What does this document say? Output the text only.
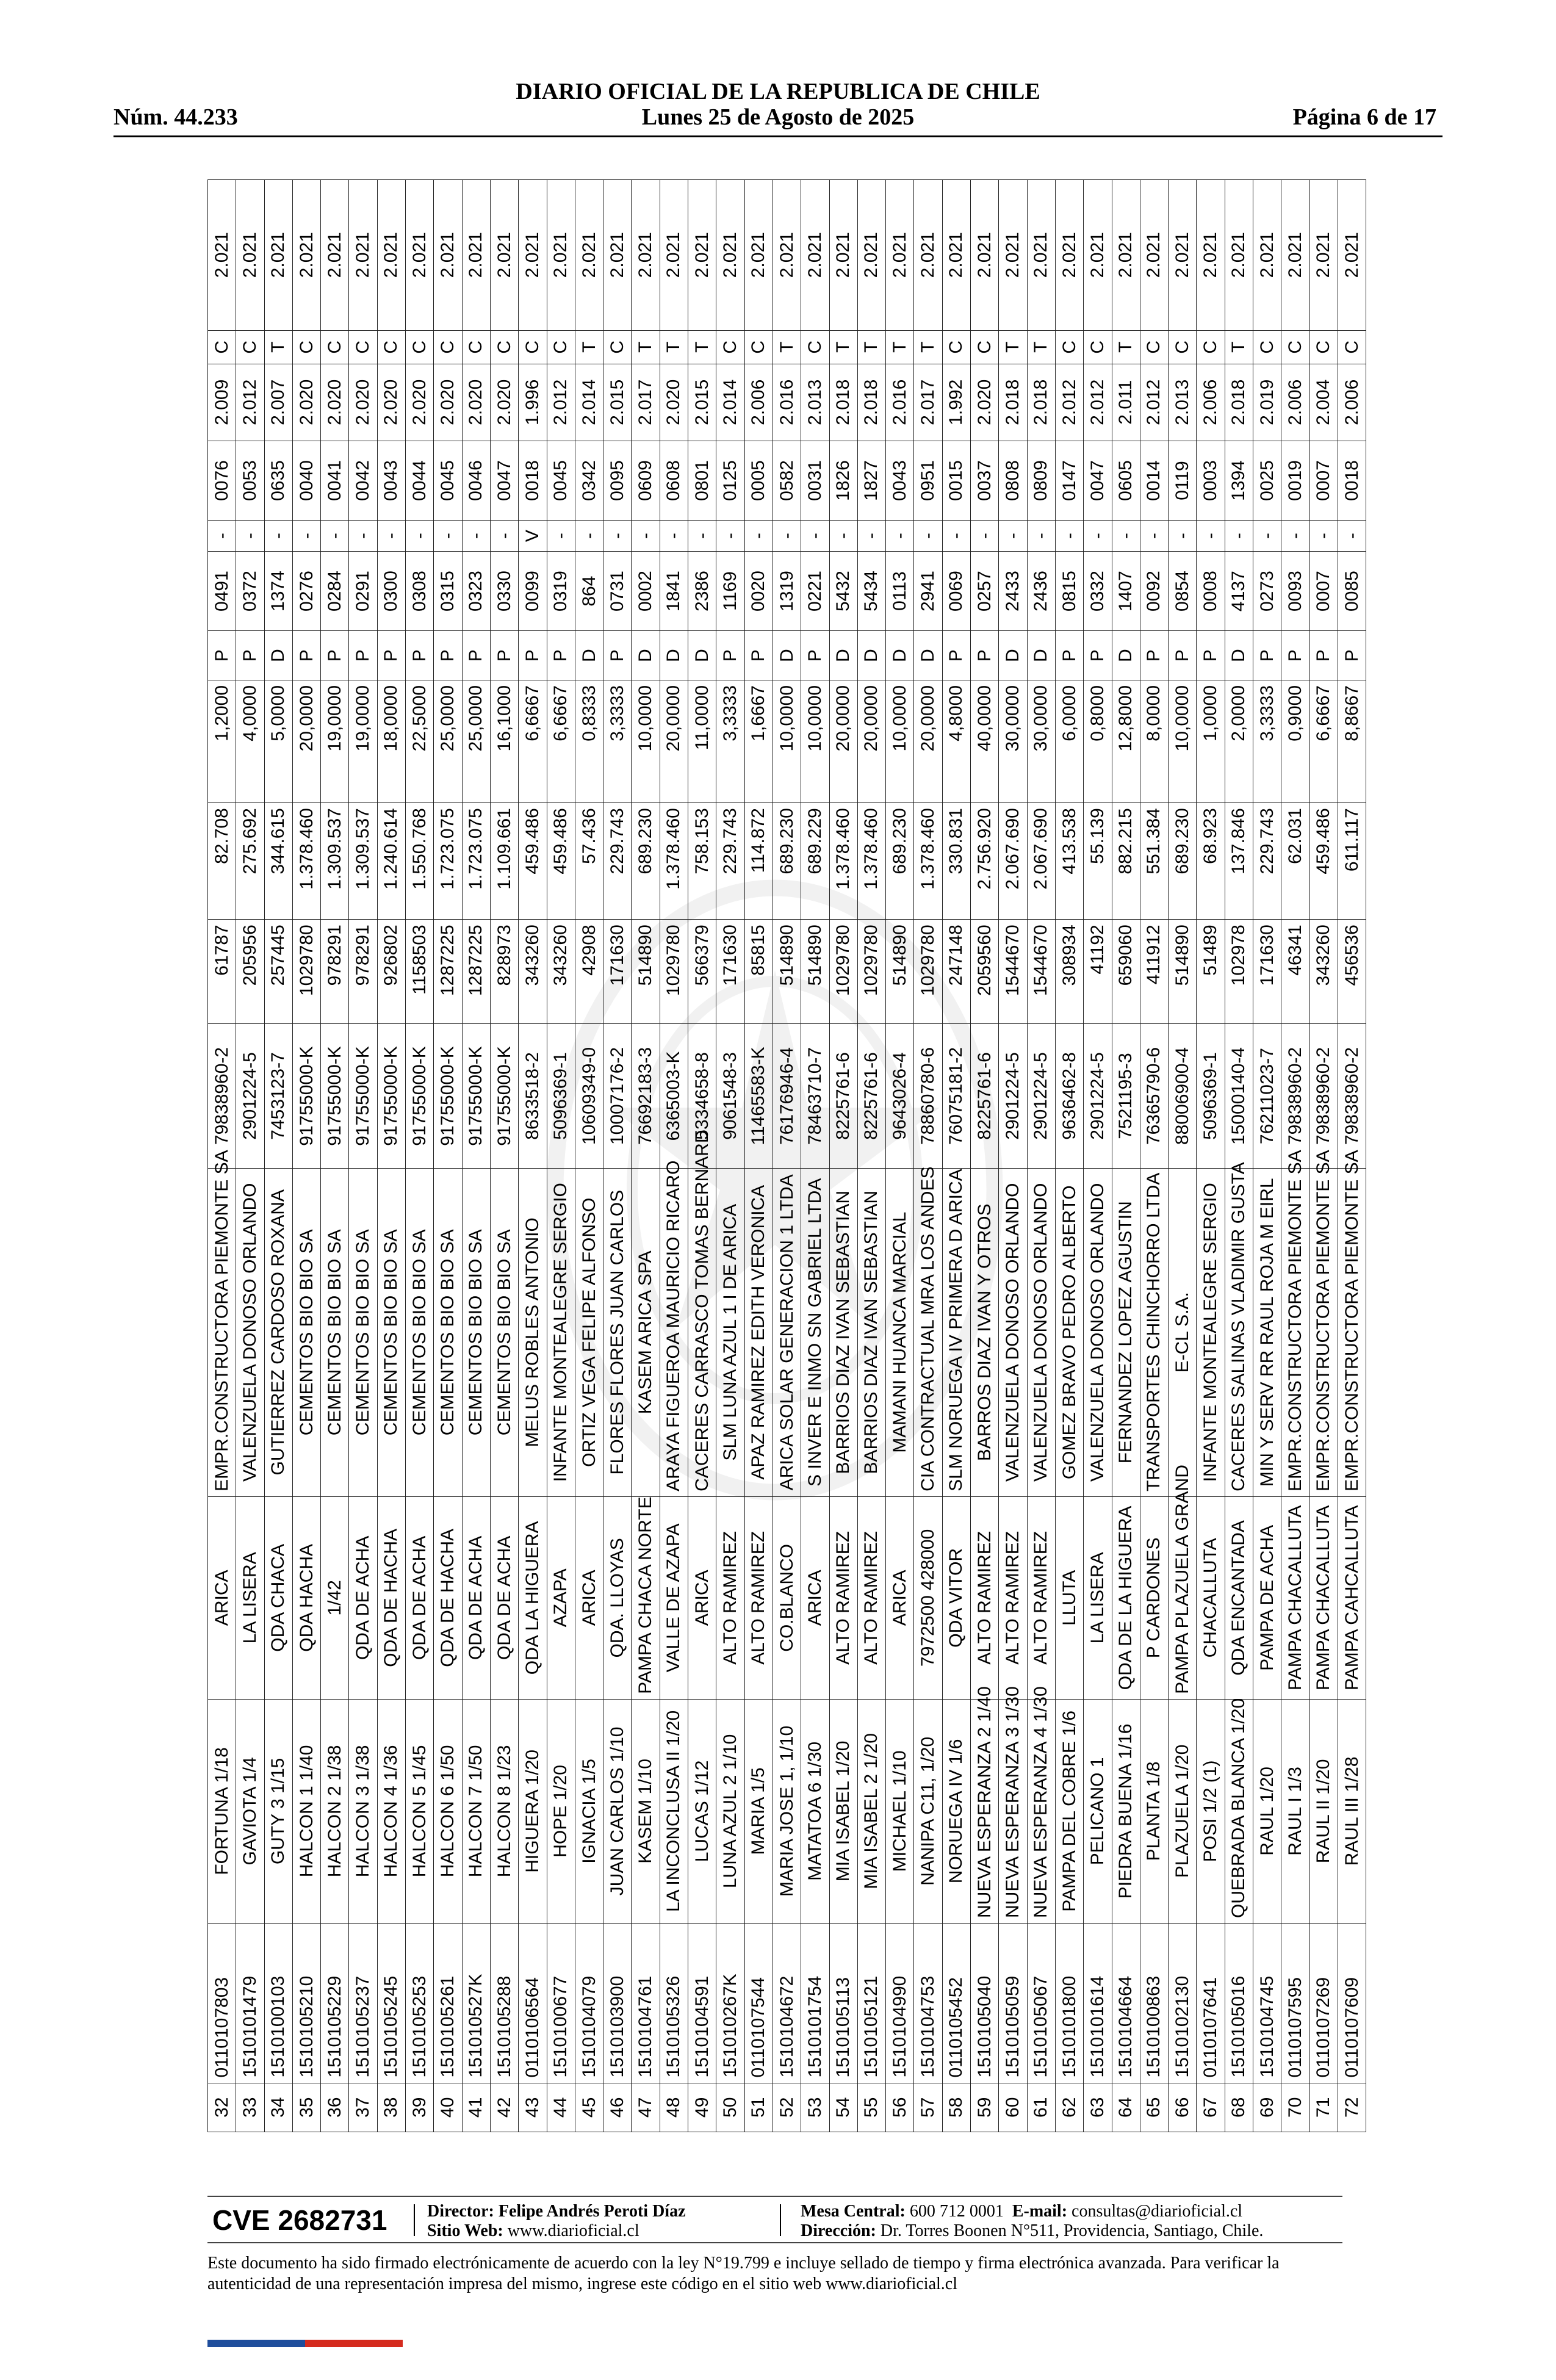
DIARIO OFICIAL DE LA REPUBLICA DE CHILE
Núm. 44.233	Lunes 25 de Agosto de 2025	Página 6 de 17
32	0110107803	FORTUNA 1/18	ARICA	EMPR.CONSTRUCTORA PIEMONTE SA	79838960-2	61787	82.708	1,2000	P	0491	-	0076	2.009	C	2.021
33	1510101479	GAVIOTA 1/4	LA LISERA	VALENZUELA DONOSO ORLANDO	2901224-5	205956	275.692	4,0000	P	0372	-	0053	2.012	C	2.021
34	1510100103	GUTY 3 1/15	QDA CHACA	GUTIERREZ CARDOSO ROXANA	7453123-7	257445	344.615	5,0000	D	1374	-	0635	2.007	T	2.021
35	1510105210	HALCON 1 1/40	QDA HACHA	CEMENTOS BIO BIO SA	91755000-K	1029780	1.378.460	20,0000	P	0276	-	0040	2.020	C	2.021
36	1510105229	HALCON 2 1/38	1/42	CEMENTOS BIO BIO SA	91755000-K	978291	1.309.537	19,0000	P	0284	-	0041	2.020	C	2.021
37	1510105237	HALCON 3 1/38	QDA DE ACHA	CEMENTOS BIO BIO SA	91755000-K	978291	1.309.537	19,0000	P	0291	-	0042	2.020	C	2.021
38	1510105245	HALCON 4 1/36	QDA DE HACHA	CEMENTOS BIO BIO SA	91755000-K	926802	1.240.614	18,0000	P	0300	-	0043	2.020	C	2.021
39	1510105253	HALCON 5 1/45	QDA DE ACHA	CEMENTOS BIO BIO SA	91755000-K	1158503	1.550.768	22,5000	P	0308	-	0044	2.020	C	2.021
40	1510105261	HALCON 6 1/50	QDA DE HACHA	CEMENTOS BIO BIO SA	91755000-K	1287225	1.723.075	25,0000	P	0315	-	0045	2.020	C	2.021
41	151010527K	HALCON 7 1/50	QDA DE ACHA	CEMENTOS BIO BIO SA	91755000-K	1287225	1.723.075	25,0000	P	0323	-	0046	2.020	C	2.021
42	1510105288	HALCON 8 1/23	QDA DE ACHA	CEMENTOS BIO BIO SA	91755000-K	828973	1.109.661	16,1000	P	0330	-	0047	2.020	C	2.021
43	0110106564	HIGUERA 1/20	QDA LA HIGUERA	MELUS ROBLES ANTONIO	8633518-2	343260	459.486	6,6667	P	0099	V	0018	1.996	C	2.021
44	1510100677	HOPE 1/20	AZAPA	INFANTE MONTEALEGRE SERGIO	5096369-1	343260	459.486	6,6667	P	0319	-	0045	2.012	C	2.021
45	1510104079	IGNACIA 1/5	ARICA	ORTIZ VEGA FELIPE ALFONSO	10609349-0	42908	57.436	0,8333	D	864	-	0342	2.014	T	2.021
46	1510103900	JUAN CARLOS 1/10	QDA. LLOYAS	FLORES FLORES JUAN CARLOS	10007176-2	171630	229.743	3,3333	P	0731	-	0095	2.015	C	2.021
47	1510104761	KASEM 1/10	PAMPA CHACA NORTE	KASEM ARICA SPA	76692183-3	514890	689.230	10,0000	D	0002	-	0609	2.017	T	2.021
48	1510105326	LA INCONCLUSA II 1/20	VALLE DE AZAPA	ARAYA FIGUEROA MAURICIO RICARO	6365003-K	1029780	1.378.460	20,0000	D	1841	-	0608	2.020	T	2.021
49	1510104591	LUCAS 1/12	ARICA	CACERES CARRASCO TOMAS BERNARD	5334658-8	566379	758.153	11,0000	D	2386	-	0801	2.015	T	2.021
50	151010267K	LUNA AZUL 2 1/10	ALTO RAMIREZ	SLM LUNA AZUL 1 I DE ARICA	9061548-3	171630	229.743	3,3333	P	1169	-	0125	2.014	C	2.021
51	0110107544	MARIA 1/5	ALTO RAMIREZ	APAZ RAMIREZ EDITH VERONICA	11465583-K	85815	114.872	1,6667	P	0020	-	0005	2.006	C	2.021
52	1510104672	MARIA JOSE 1, 1/10	CO.BLANCO	ARICA SOLAR GENERACION 1 LTDA	76176946-4	514890	689.230	10,0000	D	1319	-	0582	2.016	T	2.021
53	1510101754	MATATOA 6 1/30	ARICA	S INVER E INMO SN GABRIEL LTDA	78463710-7	514890	689.229	10,0000	P	0221	-	0031	2.013	C	2.021
54	1510105113	MIA ISABEL 1/20	ALTO RAMIREZ	BARRIOS DIAZ IVAN SEBASTIAN	8225761-6	1029780	1.378.460	20,0000	D	5432	-	1826	2.018	T	2.021
55	1510105121	MIA ISABEL 2 1/20	ALTO RAMIREZ	BARRIOS DIAZ IVAN SEBASTIAN	8225761-6	1029780	1.378.460	20,0000	D	5434	-	1827	2.018	T	2.021
56	1510104990	MICHAEL 1/10	ARICA	MAMANI HUANCA MARCIAL	9643026-4	514890	689.230	10,0000	D	0113	-	0043	2.016	T	2.021
57	1510104753	NANIPA C11, 1/20	7972500 428000	CIA CONTRACTUAL MRA LOS ANDES	78860780-6	1029780	1.378.460	20,0000	D	2941	-	0951	2.017	T	2.021
58	0110105452	NORUEGA IV 1/6	QDA VITOR	SLM NORUEGA IV PRIMERA D ARICA	76075181-2	247148	330.831	4,8000	P	0069	-	0015	1.992	C	2.021
59	1510105040	NUEVA ESPERANZA 2 1/40	ALTO RAMIREZ	BARROS DIAZ IVAN Y OTROS	8225761-6	2059560	2.756.920	40,0000	P	0257	-	0037	2.020	C	2.021
60	1510105059	NUEVA ESPERANZA 3 1/30	ALTO RAMIREZ	VALENZUELA DONOSO ORLANDO	2901224-5	1544670	2.067.690	30,0000	D	2433	-	0808	2.018	T	2.021
61	1510105067	NUEVA ESPERANZA 4 1/30	ALTO RAMIREZ	VALENZUELA DONOSO ORLANDO	2901224-5	1544670	2.067.690	30,0000	D	2436	-	0809	2.018	T	2.021
62	1510101800	PAMPA DEL COBRE 1/6	LLUTA	GOMEZ BRAVO PEDRO ALBERTO	9636462-8	308934	413.538	6,0000	P	0815	-	0147	2.012	C	2.021
63	1510101614	PELICANO 1	LA LISERA	VALENZUELA DONOSO ORLANDO	2901224-5	41192	55.139	0,8000	P	0332	-	0047	2.012	C	2.021
64	1510104664	PIEDRA BUENA 1/16	QDA DE LA HIGUERA	FERNANDEZ LOPEZ AGUSTIN	7521195-3	659060	882.215	12,8000	D	1407	-	0605	2.011	T	2.021
65	1510100863	PLANTA 1/8	P CARDONES	TRANSPORTES CHINCHORRO LTDA	76365790-6	411912	551.384	8,0000	P	0092	-	0014	2.012	C	2.021
66	1510102130	PLAZUELA 1/20	PAMPA PLAZUELA GRAND	E-CL S.A.	88006900-4	514890	689.230	10,0000	P	0854	-	0119	2.013	C	2.021
67	0110107641	POSI 1/2 (1)	CHACALLUTA	INFANTE MONTEALEGRE SERGIO	5096369-1	51489	68.923	1,0000	P	0008	-	0003	2.006	C	2.021
68	1510105016	QUEBRADA BLANCA 1/20	QDA ENCANTADA	CACERES SALINAS VLADIMIR GUSTA	15000140-4	102978	137.846	2,0000	D	4137	-	1394	2.018	T	2.021
69	1510104745	RAUL 1/20	PAMPA DE ACHA	MIN Y SERV RR RAUL ROJA M EIRL	76211023-7	171630	229.743	3,3333	P	0273	-	0025	2.019	C	2.021
70	0110107595	RAUL I 1/3	PAMPA CHACALLUTA	EMPR.CONSTRUCTORA PIEMONTE SA	79838960-2	46341	62.031	0,9000	P	0093	-	0019	2.006	C	2.021
71	0110107269	RAUL II 1/20	PAMPA CHACALLUTA	EMPR.CONSTRUCTORA PIEMONTE SA	79838960-2	343260	459.486	6,6667	P	0007	-	0007	2.004	C	2.021
72	0110107609	RAUL III 1/28	PAMPA CAHCALLUTA	EMPR.CONSTRUCTORA PIEMONTE SA	79838960-2	456536	611.117	8,8667	P	0085	-	0018	2.006	C	2.021
CVE 2682731 Director: Felipe Andrés Peroti Díaz
Sitio Web: www.diarioficial.cl
Mesa Central: 600 712 0001 E-mail: consultas@diarioficial.cl
Dirección: Dr. Torres Boonen N°511, Providencia, Santiago, Chile.
Este documento ha sido firmado electrónicamente de acuerdo con la ley N°19.799 e incluye sellado de tiempo y firma electrónica avanzada. Para verificar la autenticidad de una representación impresa del mismo, ingrese este código en el sitio web www.diarioficial.cl
